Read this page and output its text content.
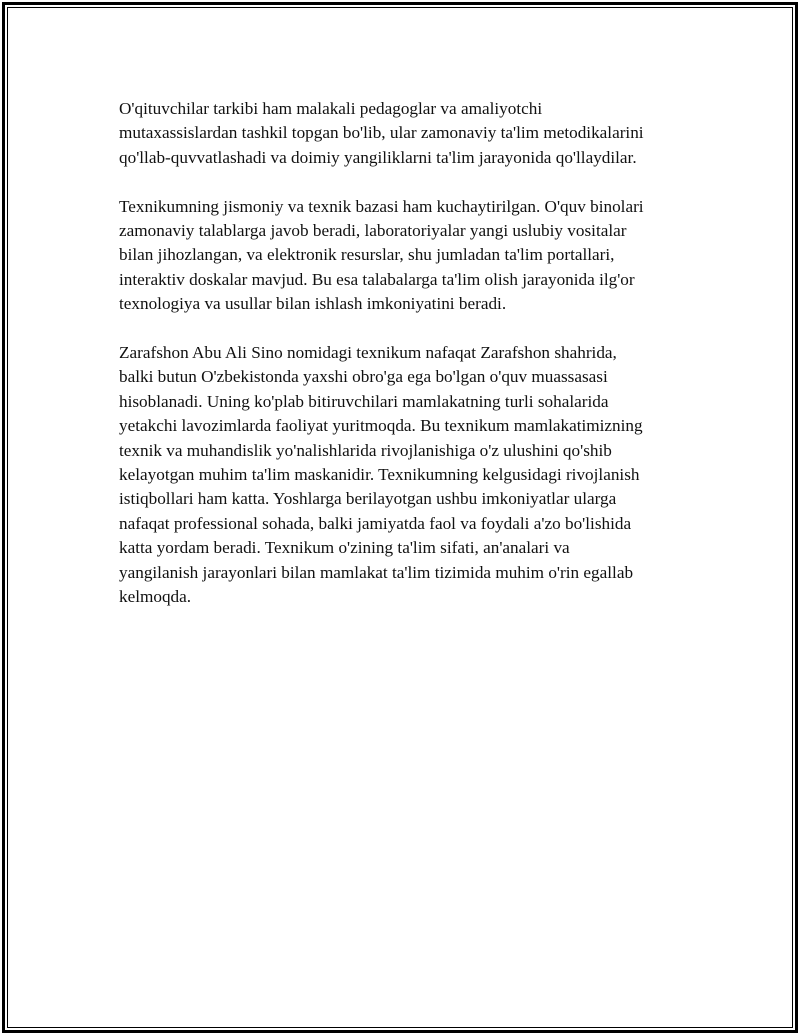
O'qituvchilar tarkibi ham malakali pedagoglar va amaliyotchi
mutaxassislardan tashkil topgan bo'lib, ular zamonaviy ta'lim metodikalarini
qo'llab-quvvatlashadi va doimiy yangiliklarni ta'lim jarayonida qo'llaydilar.

Texnikumning jismoniy va texnik bazasi ham kuchaytirilgan. O'quv binolari
zamonaviy talablarga javob beradi, laboratoriyalar yangi uslubiy vositalar
bilan jihozlangan, va elektronik resurslar, shu jumladan ta'lim portallari,
interaktiv doskalar mavjud. Bu esa talabalarga ta'lim olish jarayonida ilg'or
texnologiya va usullar bilan ishlash imkoniyatini beradi.

Zarafshon Abu Ali Sino nomidagi texnikum nafaqat Zarafshon shahrida,
balki butun O'zbekistonda yaxshi obro'ga ega bo'lgan o'quv muassasasi
hisoblanadi. Uning ko'plab bitiruvchilari mamlakatning turli sohalarida
yetakchi lavozimlarda faoliyat yuritmoqda. Bu texnikum mamlakatimizning
texnik va muhandislik yo'nalishlarida rivojlanishiga o'z ulushini qo'shib
kelayotgan muhim ta'lim maskanidir. Texnikumning kelgusidagi rivojlanish
istiqbollari ham katta. Yoshlarga berilayotgan ushbu imkoniyatlar ularga
nafaqat professional sohada, balki jamiyatda faol va foydali a'zo bo'lishida
katta yordam beradi. Texnikum o'zining ta'lim sifati, an'analari va
yangilanish jarayonlari bilan mamlakat ta'lim tizimida muhim o'rin egallab
kelmoqda.
